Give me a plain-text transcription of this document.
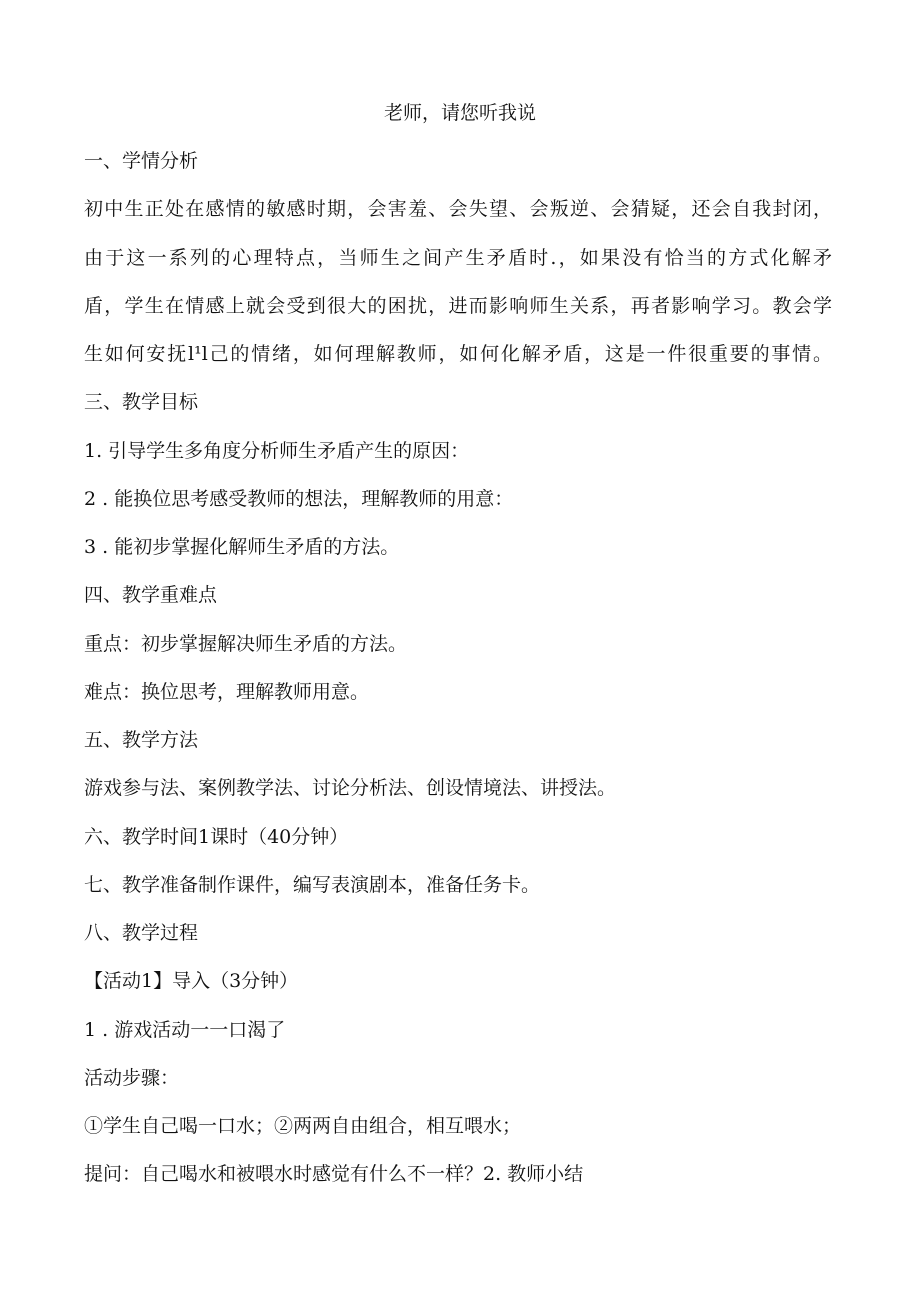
老师，请您听我说
一、学情分析
初中生正处在感情的敏感时期，会害羞、会失望、会叛逆、会猜疑，还会自我封闭，
由于这一系列的心理特点，当师生之间产生矛盾时.，如果没有恰当的方式化解矛
盾，学生在情感上就会受到很大的困扰，进而影响师生关系，再者影响学习。教会学
生如何安抚l¹l己的情绪，如何理解教师，如何化解矛盾，这是一件很重要的事情。
三、教学目标
1. 引导学生多角度分析师生矛盾产生的原因：
2 . 能换位思考感受教师的想法，理解教师的用意：
3 . 能初步掌握化解师生矛盾的方法。
四、教学重难点
重点：初步掌握解决师生矛盾的方法。
难点：换位思考，理解教师用意。
五、教学方法
游戏参与法、案例教学法、讨论分析法、创设情境法、讲授法。
六、教学时间1课时（40分钟）
七、教学准备制作课件，编写表演剧本，准备任务卡。
八、教学过程
【活动1】导入（3分钟）
1 . 游戏活动一一口渴了
活动步骤：
①学生自己喝一口水；②两两自由组合，相互喂水；
提问：自己喝水和被喂水时感觉有什么不一样？2. 教师小结
